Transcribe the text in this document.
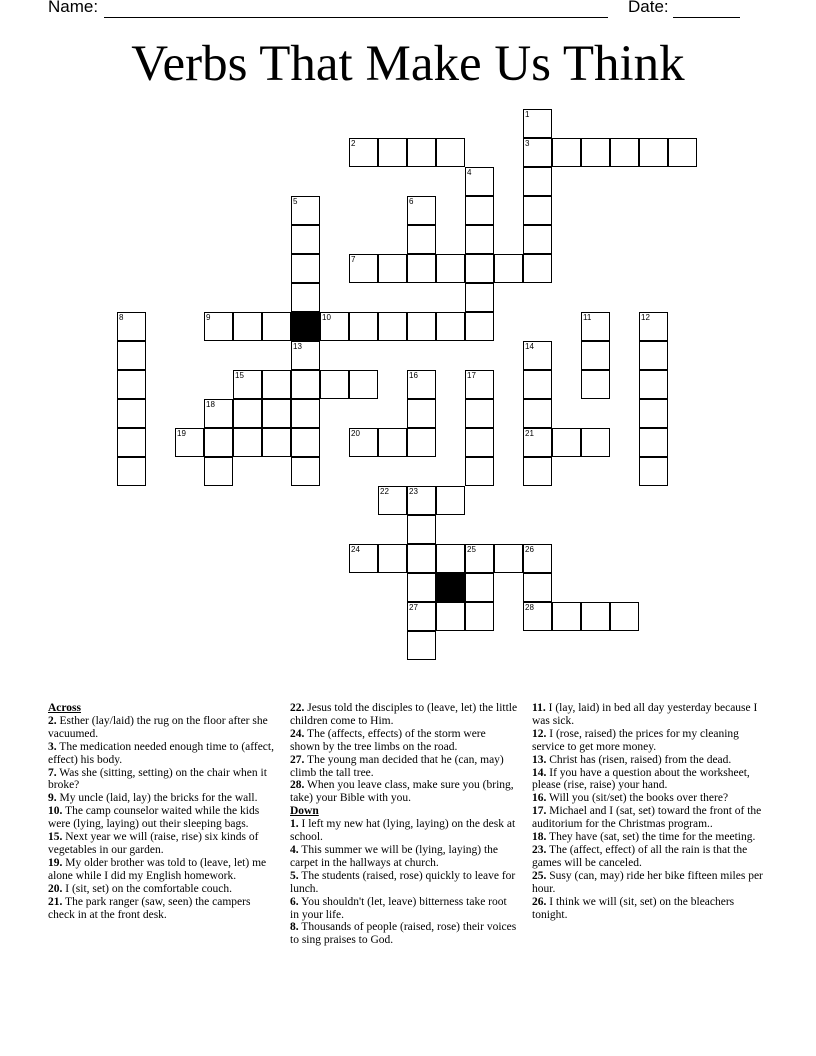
Name:	Date:
Verbs That Make Us Think
1
2	3
4
5	6
7
8	9	10	11	12
13	14
15	16	17
18
19	20	21
22	23
24	25	26
27	28
Across
2. Esther (lay/laid) the rug on the floor after she vacuumed.
3. The medication needed enough time to (affect, effect) his body.
7. Was she (sitting, setting) on the chair when it broke?
9. My uncle (laid, lay) the bricks for the wall.
10. The camp counselor waited while the kids were (lying, laying) out their sleeping bags.
15. Next year we will (raise, rise) six kinds of vegetables in our garden.
19. My older brother was told to (leave, let) me alone while I did my English homework.
20. I (sit, set) on the comfortable couch.
21. The park ranger (saw, seen) the campers check in at the front desk.
22. Jesus told the disciples to (leave, let) the little children come to Him.
24. The (affects, effects) of the storm were shown by the tree limbs on the road.
27. The young man decided that he (can, may) climb the tall tree.
28. When you leave class, make sure you (bring, take) your Bible with you.
Down
1. I left my new hat (lying, laying) on the desk at school.
4. This summer we will be (lying, laying) the carpet in the hallways at church.
5. The students (raised, rose) quickly to leave for lunch.
6. You shouldn't (let, leave) bitterness take root in your life.
8. Thousands of people (raised, rose) their voices to sing praises to God.
11. I (lay, laid) in bed all day yesterday because I was sick.
12. I (rose, raised) the prices for my cleaning service to get more money.
13. Christ has (risen, raised) from the dead.
14. If you have a question about the worksheet, please (rise, raise) your hand.
16. Will you (sit/set) the books over there?
17. Michael and I (sat, set) toward the front of the auditorium for the Christmas program..
18. They have (sat, set) the time for the meeting.
23. The (affect, effect) of all the rain is that the games will be canceled.
25. Susy (can, may) ride her bike fifteen miles per hour.
26. I think we will (sit, set) on the bleachers tonight.
